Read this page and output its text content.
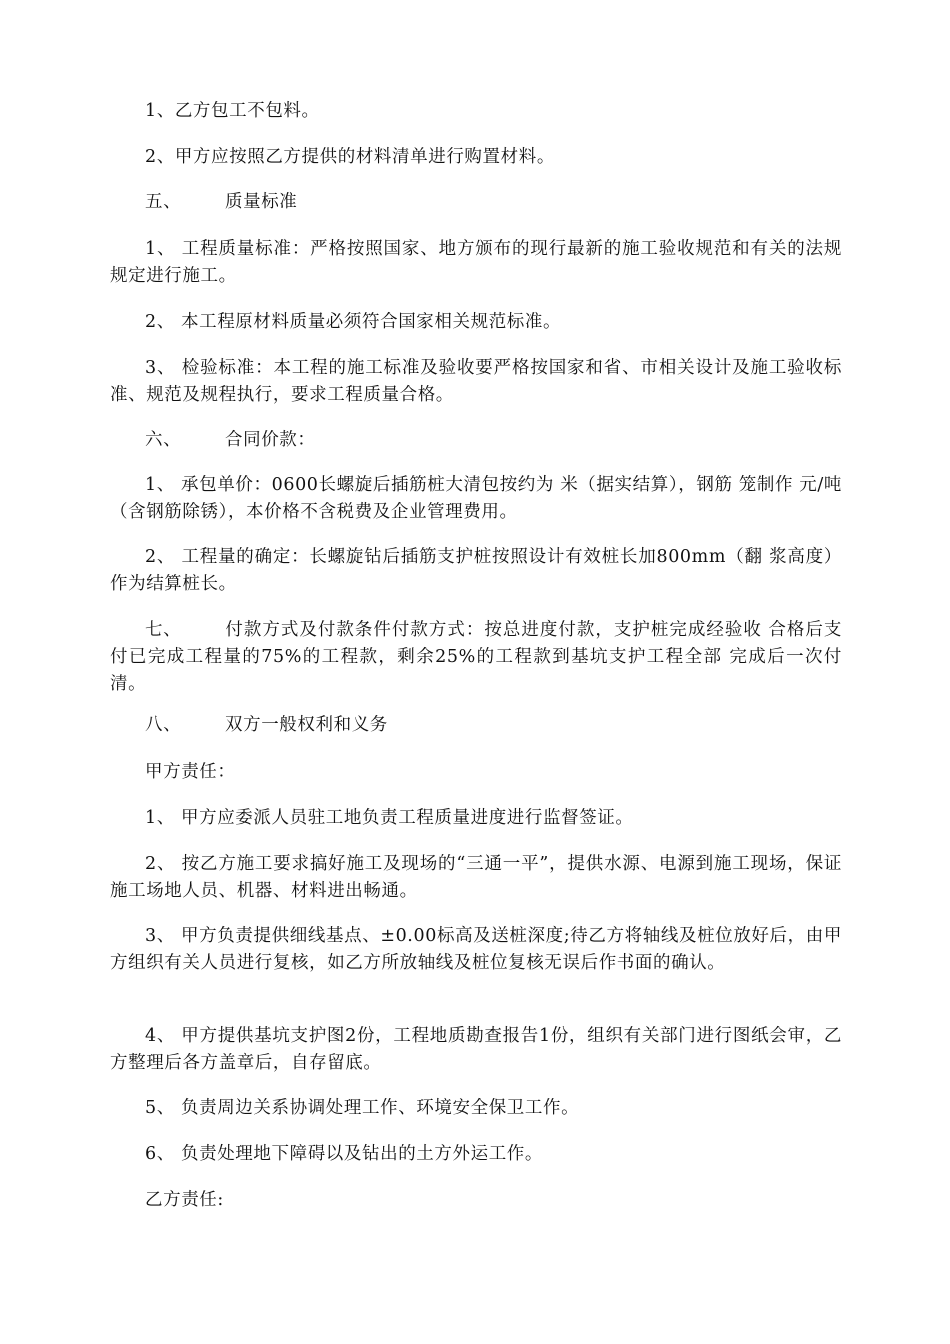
1、乙方包工不包料。

2、甲方应按照乙方提供的材料清单进行购置材料。

五、	质量标准

1、 工程质量标准：严格按照国家、地方颁布的现行最新的施工验收规范和有关的法规规定进行施工。

2、 本工程原材料质量必须符合国家相关规范标准。

3、 检验标准：本工程的施工标准及验收要严格按国家和省、市相关设计及施工验收标准、规范及规程执行，要求工程质量合格。

六、	合同价款：

1、 承包单价：0600长螺旋后插筋桩大清包按约为 米（据实结算），钢筋 笼制作 元/吨（含钢筋除锈），本价格不含税费及企业管理费用。

2、 工程量的确定：长螺旋钻后插筋支护桩按照设计有效桩长加800mm（翻 浆高度）作为结算桩长。

七、	付款方式及付款条件付款方式：按总进度付款，支护桩完成经验收 合格后支付已完成工程量的75%的工程款，剩余25%的工程款到基坑支护工程全部 完成后一次付清。

八、	双方一般权利和义务

甲方责任：

1、 甲方应委派人员驻工地负责工程质量进度进行监督签证。

2、 按乙方施工要求搞好施工及现场的“三通一平”，提供水源、电源到施工现场，保证施工场地人员、机器、材料进出畅通。

3、 甲方负责提供细线基点、±0.00标高及送桩深度;待乙方将轴线及桩位放好后，由甲方组织有关人员进行复核，如乙方所放轴线及桩位复核无误后作书面的确认。

4、 甲方提供基坑支护图2份，工程地质勘查报告1份，组织有关部门进行图纸会审，乙方整理后各方盖章后，自存留底。

5、 负责周边关系协调处理工作、环境安全保卫工作。

6、 负责处理地下障碍以及钻出的土方外运工作。

乙方责任:
